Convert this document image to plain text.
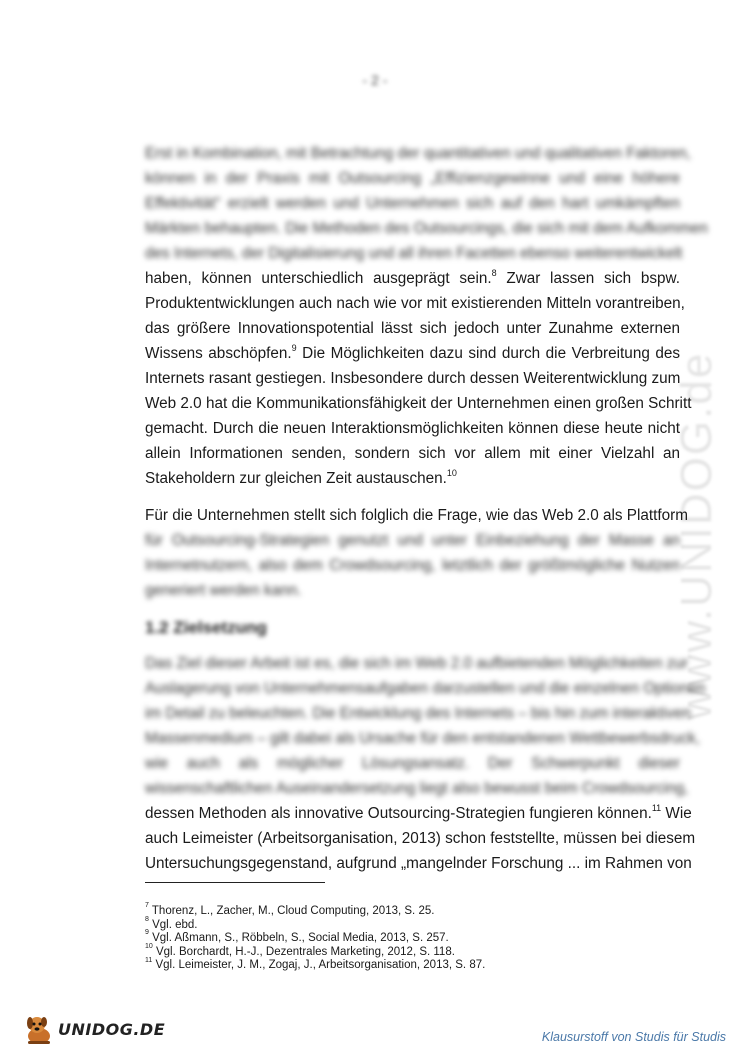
- 2 -
www.UNIDOG.de
Erst in Kombination, mit Betrachtung der quantitativen und qualitativen Faktoren,
können in der Praxis mit Outsourcing „Effizienzgewinne und eine höhere
Effektivität“ erzielt werden und Unternehmen sich auf den hart umkämpften
Märkten behaupten. Die Methoden des Outsourcings, die sich mit dem Aufkommen
des Internets, der Digitalisierung und all ihren Facetten ebenso weiterentwickelt
haben, können unterschiedlich ausgeprägt sein.$^8$ Zwar lassen sich bspw.
Produktentwicklungen auch nach wie vor mit existierenden Mitteln vorantreiben,
das größere Innovationspotential lässt sich jedoch unter Zunahme externen
Wissens abschöpfen.$^9$ Die Möglichkeiten dazu sind durch die Verbreitung des
Internets rasant gestiegen. Insbesondere durch dessen Weiterentwicklung zum
Web 2.0 hat die Kommunikationsfähigkeit der Unternehmen einen großen Schritt
gemacht. Durch die neuen Interaktionsmöglichkeiten können diese heute nicht
allein Informationen senden, sondern sich vor allem mit einer Vielzahl an
Stakeholdern zur gleichen Zeit austauschen.$^{10}$
Für die Unternehmen stellt sich folglich die Frage, wie das Web 2.0 als Plattform
für Outsourcing-Strategien genutzt und unter Einbeziehung der Masse an
Internetnutzern, also dem Crowdsourcing, letztlich der größtmögliche Nutzen
generiert werden kann.
1.2 Zielsetzung
Das Ziel dieser Arbeit ist es, die sich im Web 2.0 aufbietenden Möglichkeiten zur
Auslagerung von Unternehmensaufgaben darzustellen und die einzelnen Optionen
im Detail zu beleuchten. Die Entwicklung des Internets – bis hin zum interaktiven
Massenmedium – gilt dabei als Ursache für den entstandenen Wettbewerbsdruck,
wie auch als möglicher Lösungsansatz. Der Schwerpunkt dieser
wissenschaftlichen Auseinandersetzung liegt also bewusst beim Crowdsourcing,
dessen Methoden als innovative Outsourcing-Strategien fungieren können.$^{11}$ Wie
auch Leimeister (Arbeitsorganisation, 2013) schon feststellte, müssen bei diesem
Untersuchungsgegenstand, aufgrund „mangelnder Forschung ... im Rahmen von
$^7$ Thorenz, L., Zacher, M., Cloud Computing, 2013, S. 25.
$^8$ Vgl. ebd.
$^9$ Vgl. Aßmann, S., Röbbeln, S., Social Media, 2013, S. 257.
$^{10}$ Vgl. Borchardt, H.-J., Dezentrales Marketing, 2012, S. 118.
$^{11}$ Vgl. Leimeister, J. M., Zogaj, J., Arbeitsorganisation, 2013, S. 87.
UNIDOG.DE	Klausurstoff von Studis für Studis
